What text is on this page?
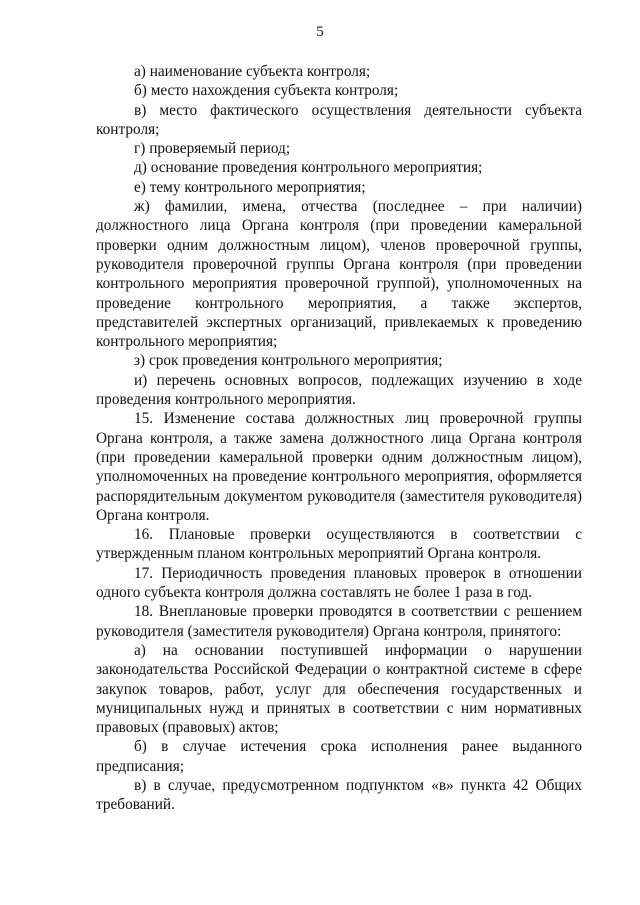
5

а) наименование субъекта контроля;

б) место нахождения субъекта контроля;

в) место фактического осуществления деятельности субъекта контроля;

г) проверяемый период;

д) основание проведения контрольного мероприятия;

е) тему контрольного мероприятия;

ж) фамилии, имена, отчества (последнее – при наличии) должностного лица Органа контроля (при проведении камеральной проверки одним должностным лицом), членов проверочной группы, руководителя проверочной группы Органа контроля (при проведении контрольного мероприятия проверочной группой), уполномоченных на проведение контрольного мероприятия, а также экспертов, представителей экспертных организаций, привлекаемых к проведению контрольного мероприятия;

з) срок проведения контрольного мероприятия;

и) перечень основных вопросов, подлежащих изучению в ходе проведения контрольного мероприятия.

15. Изменение состава должностных лиц проверочной группы Органа контроля, а также замена должностного лица Органа контроля (при проведении камеральной проверки одним должностным лицом), уполномоченных на проведение контрольного мероприятия, оформляется распорядительным документом руководителя (заместителя руководителя) Органа контроля.

16. Плановые проверки осуществляются в соответствии с утвержденным планом контрольных мероприятий Органа контроля.

17. Периодичность проведения плановых проверок в отношении одного субъекта контроля должна составлять не более 1 раза в год.

18. Внеплановые проверки проводятся в соответствии с решением руководителя (заместителя руководителя) Органа контроля, принятого:

а) на основании поступившей информации о нарушении законодательства Российской Федерации о контрактной системе в сфере закупок товаров, работ, услуг для обеспечения государственных и муниципальных нужд и принятых в соответствии с ним нормативных правовых (правовых) актов;

б) в случае истечения срока исполнения ранее выданного предписания;

в) в случае, предусмотренном подпунктом «в» пункта 42 Общих требований.
